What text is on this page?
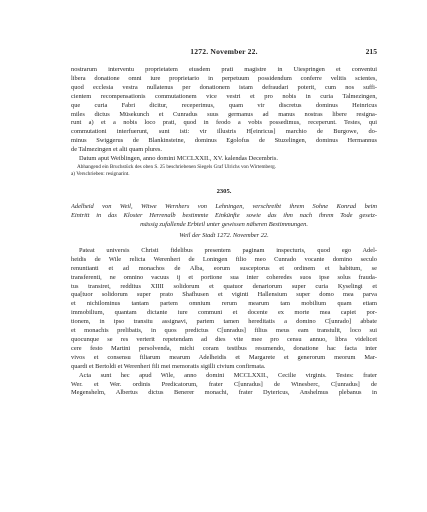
1272. November 22.	215
nostrarum interventu proprietatem eiusdem prati magistre in Uiespringen et conventui
libera donatione omni iure proprietario in perpetuum possidendum conferre velitis scientes,
quod ecclesia vestra nullatenus per donationem istam defraudari poterit, cum nos suffi-
cientem recompensationis commutationem vice vestri et pro nobis in curia Talmezingen,
que curia Fabri dicitur, receperimus, quam vir discretus dominus Heinricus
miles dictus Müsekunch et Cunradus suus germanus ad manus nostras libere resigna-
runt a) et a nobis loco prati, quod in feodo a vobis possedimus, receperunt. Testes, qui
commutationi interfuerunt, sunt isti: vir illustris H[einricus] marchio de Burgowe, do-
minus Swiggerus de Blankinsteine, dominus Egolofus de Stuzelingen, dominus Hermannus
de Talmezingen et alii quam plures.
Datum aput Weiblingen, anno domini MCCLXXII., XV. kalendas Decembris.
Abhangend ein Bruchstück des oben S. 25 beschriebenen Siegels Graf Ulrichs von Wirtemberg.
a) Verschrieben: resignarint.
2305.
Adelheid von Weil, Witwe Wernhers von Lehningen, verschreibt ihrem Sohne Konrad beim
Eintritt in das Kloster Herrenalb bestimmte Einkünfte sowie das ihm nach ihrem Tode gesetz-
mässig zufallende Erbteil unter gewissen näheren Bestimmungen.
Weil der Stadt 1272. November 22.
Pateat universis Christi fidelibus presentem paginam inspecturis, quod ego Adel-
heidis de Wile relicta Werenheri de Loningen filio meo Cunrado vocante domino seculo
renuntianti et ad monachos de Alba, eorum susceptorus et ordinem et habitum, se
transferenti, ne omnino vacuus ij et portione sua inter coheredes suos ipse solus frauda-
tus transiret, redditus XIIII solidorum et quatuor denariorum super curia Kyselingi et
qua[tuor solidorum super prato Shafhusen et viginti Hallensium super domo mea parva
et nichilominus tantam partem omnium rerum mearum tam mobilium quam etiam
immobilium, quantam dictante iure communi et docente ex morte mea capiet por-
tionem, in ipso transitu assignavi, partem tamen hereditatis a domino C[unrado] abbate
et monachis prelibatis, in quos predictus C[unradus] filius meus eam transtulit, loco sui
quocunque se res verterit repetendam ad dies vite mee pro censu annuo, libra videlicet
cere festo Martini persolvenda, michi coram testibus resumendo, donatione hac facta inter
vivos et consensu filiarum mearum Adelheidis et Margarete et generorum meorum Mar-
quardi et Bertoldi et Werenheri fili mei memoratis sigilli civium confirmata.
Acta sunt hec apud Wile, anno domini MCCLXXII., Cecilie virginis. Testes: frater
Wer. et Wer. ordinis Predicatorum, frater C[unradus] de Winesberc, C[unradus] de
Megenshelm, Albertus dictus Benerer monachi, frater Dytericus, Anshelmus plebanus in
